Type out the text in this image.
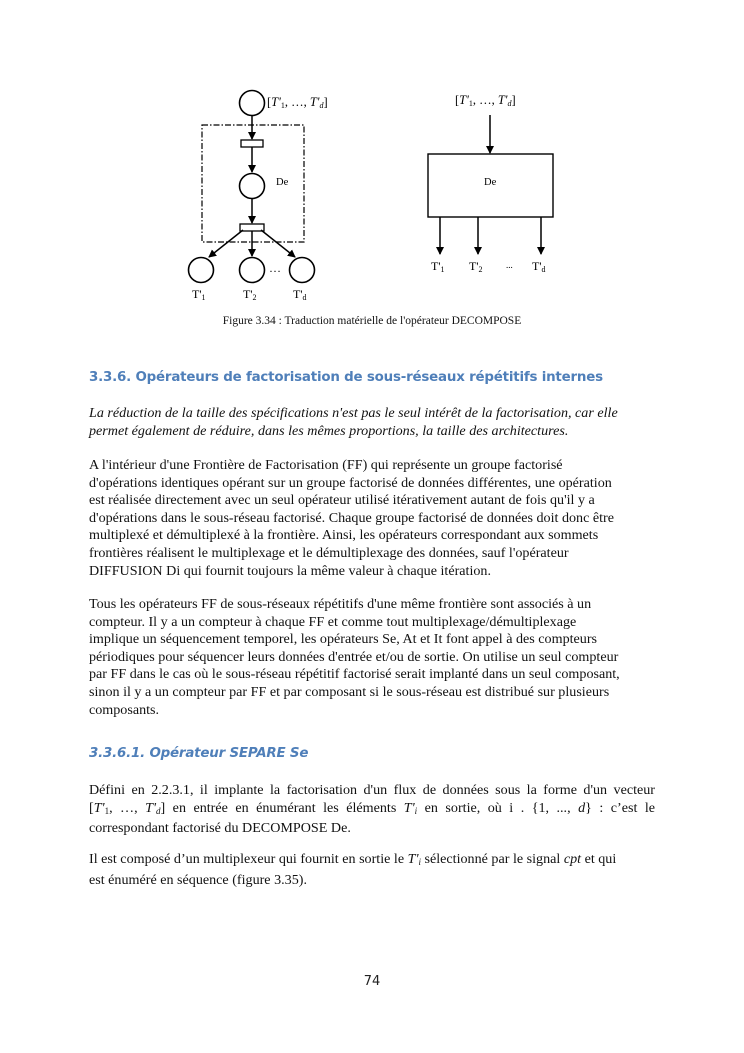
[T'1, …, T'd]
De
…
T'1	T'2	T'd
[T'1, …, T'd]
De
T'1 T'2	... T'd
Figure 3.34 : Traduction matérielle de l'opérateur DECOMPOSE
3.3.6. Opérateurs de factorisation de sous-réseaux répétitifs internes
La réduction de la taille des spécifications n'est pas le seul intérêt de la factorisation, car elle
permet également de réduire, dans les mêmes proportions, la taille des architectures.
A l'intérieur d'une Frontière de Factorisation (FF) qui représente un groupe factorisé
d'opérations identiques opérant sur un groupe factorisé de données différentes, une opération
est réalisée directement avec un seul opérateur utilisé itérativement autant de fois qu'il y a
d'opérations dans le sous-réseau factorisé. Chaque groupe factorisé de données doit donc être
multiplexé et démultiplexé à la frontière. Ainsi, les opérateurs correspondant aux sommets
frontières réalisent le multiplexage et le démultiplexage des données, sauf l'opérateur
DIFFUSION Di qui fournit toujours la même valeur à chaque itération.
Tous les opérateurs FF de sous-réseaux répétitifs d'une même frontière sont associés à un
compteur. Il y a un compteur à chaque FF et comme tout multiplexage/démultiplexage
implique un séquencement temporel, les opérateurs Se, At et It font appel à des compteurs
périodiques pour séquencer leurs données d'entrée et/ou de sortie. On utilise un seul compteur
par FF dans le cas où le sous-réseau répétitif factorisé serait implanté dans un seul composant,
sinon il y a un compteur par FF et par composant si le sous-réseau est distribué sur plusieurs
composants.
3.3.6.1. Opérateur SEPARE Se
Défini en 2.2.3.1, il implante la factorisation d'un flux de données sous la forme d'un vecteur
[$T'_1$, …, $T'_d$] en entrée en énumérant les éléments $T'_i$ en sortie, où i . {1, ..., d} : c’est le
correspondant factorisé du DECOMPOSE De.
Il est composé d’un multiplexeur qui fournit en sortie le $T'_i$ sélectionné par le signal cpt et qui
est énuméré en séquence (figure 3.35).
74
